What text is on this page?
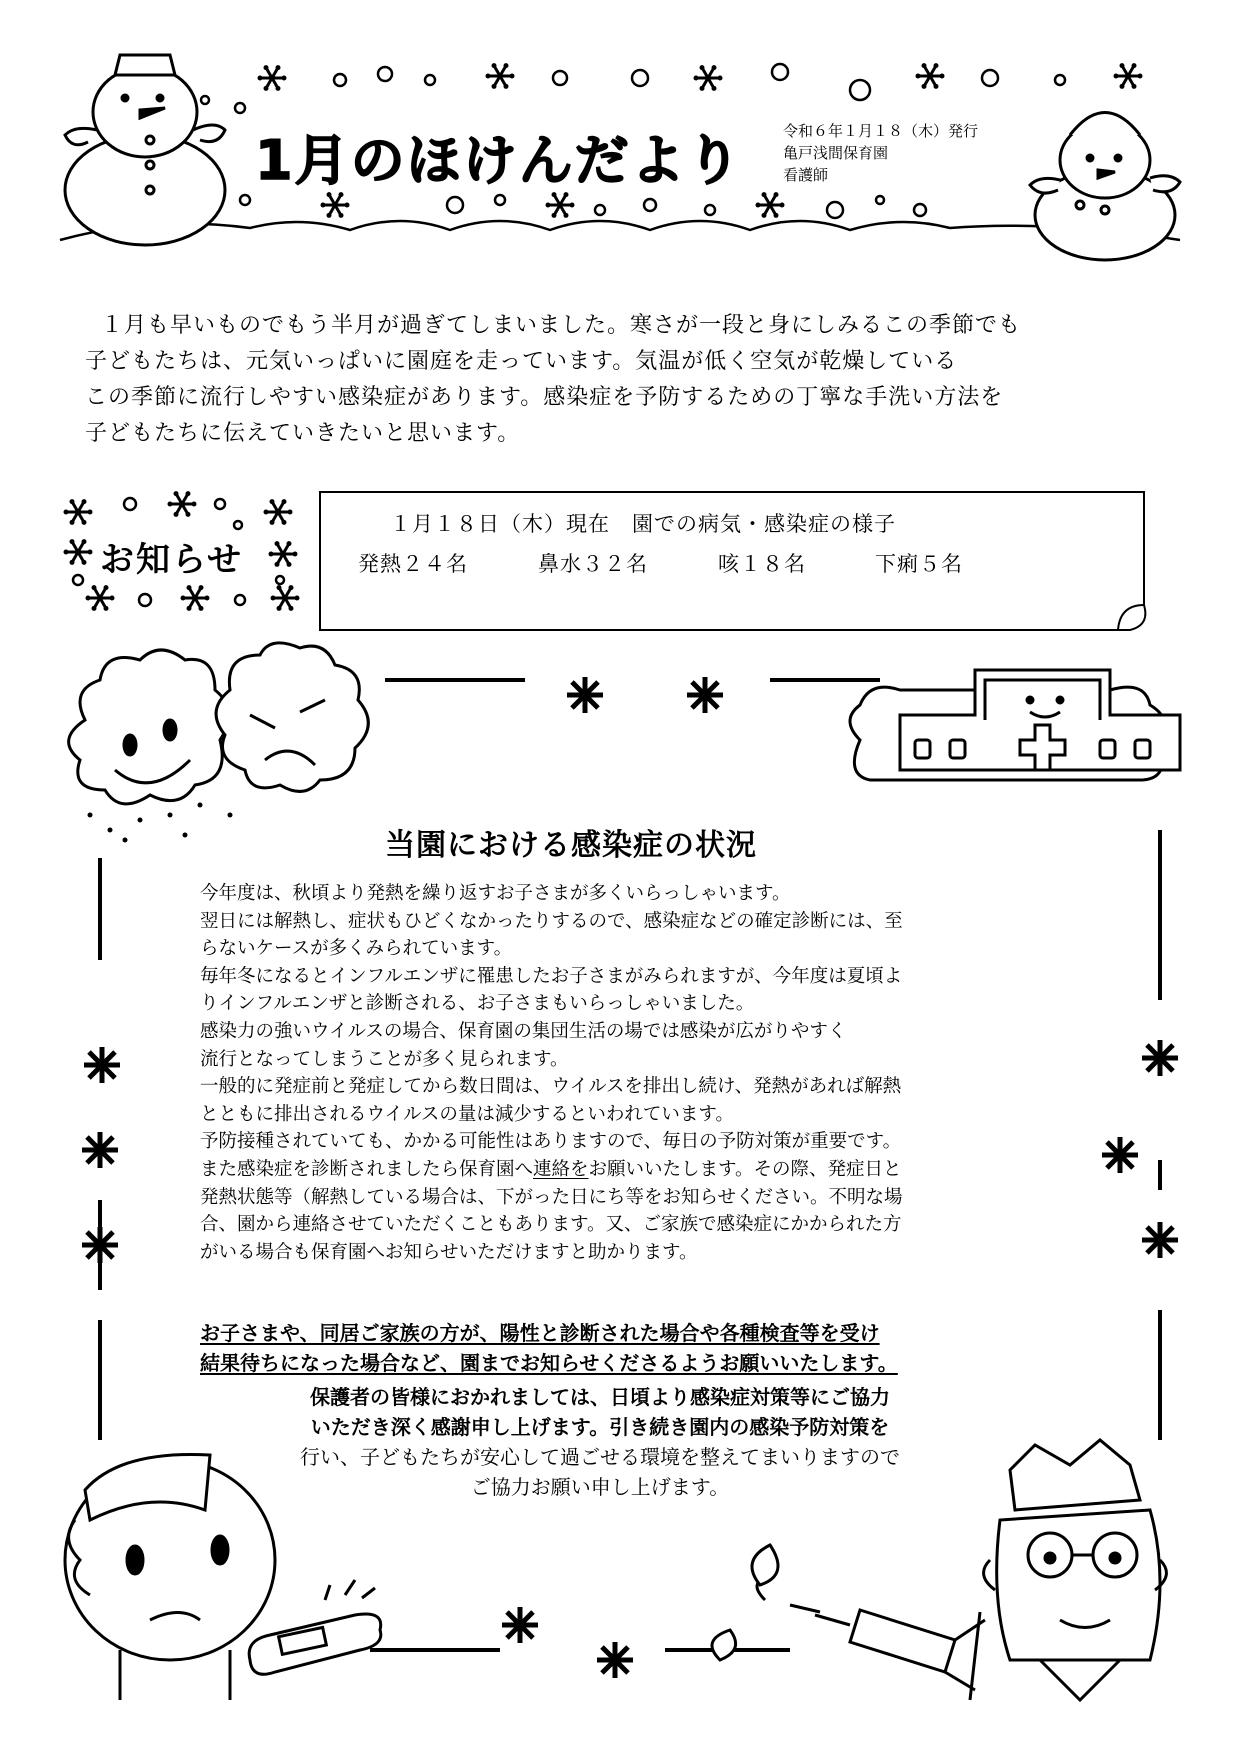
1月のほけんだより	令和６年１月１８（木）発行
亀戸浅間保育園
看護師
１月も早いものでもう半月が過ぎてしまいました。寒さが一段と身にしみるこの季節でも
子どもたちは、元気いっぱいに園庭を走っています。気温が低く空気が乾燥している
この季節に流行しやすい感染症があります。感染症を予防するための丁寧な手洗い方法を
子どもたちに伝えていきたいと思います。
お知らせ
１月１８日（木）現在　園での病気・感染症の様子
発熱２４名	鼻水３２名	咳１８名	下痢５名
当園における感染症の状況
今年度は、秋頃より発熱を繰り返すお子さまが多くいらっしゃいます。
翌日には解熱し、症状もひどくなかったりするので、感染症などの確定診断には、至
らないケースが多くみられています。
毎年冬になるとインフルエンザに罹患したお子さまがみられますが、今年度は夏頃よ
りインフルエンザと診断される、お子さまもいらっしゃいました。
感染力の強いウイルスの場合、保育園の集団生活の場では感染が広がりやすく
流行となってしまうことが多く見られます。
一般的に発症前と発症してから数日間は、ウイルスを排出し続け、発熱があれば解熱
とともに排出されるウイルスの量は減少するといわれています。
予防接種されていても、かかる可能性はありますので、毎日の予防対策が重要です。
また感染症を診断されましたら保育園へ連絡をお願いいたします。その際、発症日と
発熱状態等（解熱している場合は、下がった日にち等をお知らせください。不明な場
合、園から連絡させていただくこともあります。又、ご家族で感染症にかかられた方
がいる場合も保育園へお知らせいただけますと助かります。
お子さまや、同居ご家族の方が、陽性と診断された場合や各種検査等を受け
結果待ちになった場合など、園までお知らせくださるようお願いいたします。
保護者の皆様におかれましては、日頃より感染症対策等にご協力
いただき深く感謝申し上げます。引き続き園内の感染予防対策を
行い、子どもたちが安心して過ごせる環境を整えてまいりますので
ご協力お願い申し上げます。
